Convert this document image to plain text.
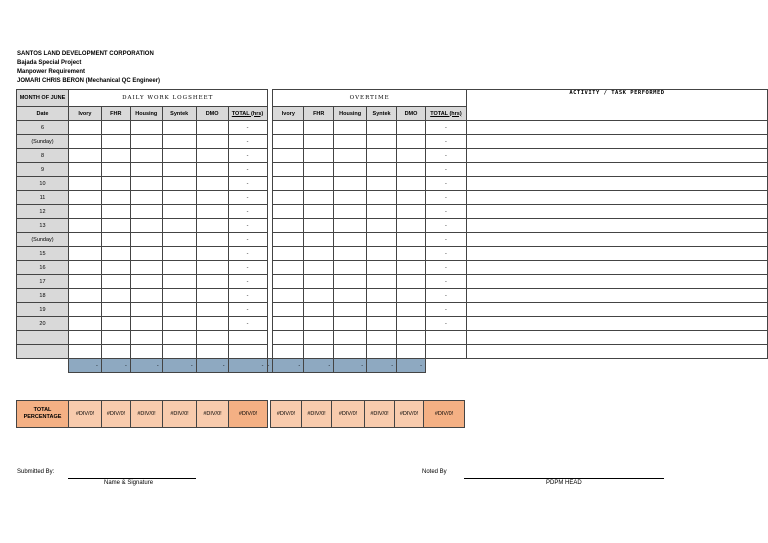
SANTOS LAND DEVELOPMENT CORPORATION
Bajada Special Project
Manpower Requirement
JOMARI CHRIS BERON (Mechanical QC Engineer)
MONTH OF JUNE	DAILY WORK LOGSHEET							OVERTIME						ACTIVITY / TASK PERFORMED
Date	Ivory	FHR	Housing	Syntek	DMO	TOTAL (hrs)		Ivory	FHR	Housing	Syntek	DMO	TOTAL (hrs)	
6						-							-	
(Sunday)						-							-	
8						-							-	
9						-							-	
10						-							-	
11						-							-	
12						-							-	
13						-							-	
(Sunday)						-							-	
15						-							-	
16						-							-	
17						-							-	
18						-							-	
19						-							-	
20						-							-	

	-	-	-	-	-	-	-	-	-	-	-	-		
TOTAL PERCENTAGE	#DIV/0!	#DIV/0!	#DIV/0!	#DIV/0!	#DIV/0!	#DIV/0!		#DIV/0!	#DIV/0!	#DIV/0!	#DIV/0!	#DIV/0!	#DIV/0!
Submitted By:
Name & Signature
Noted By
PDPM HEAD
